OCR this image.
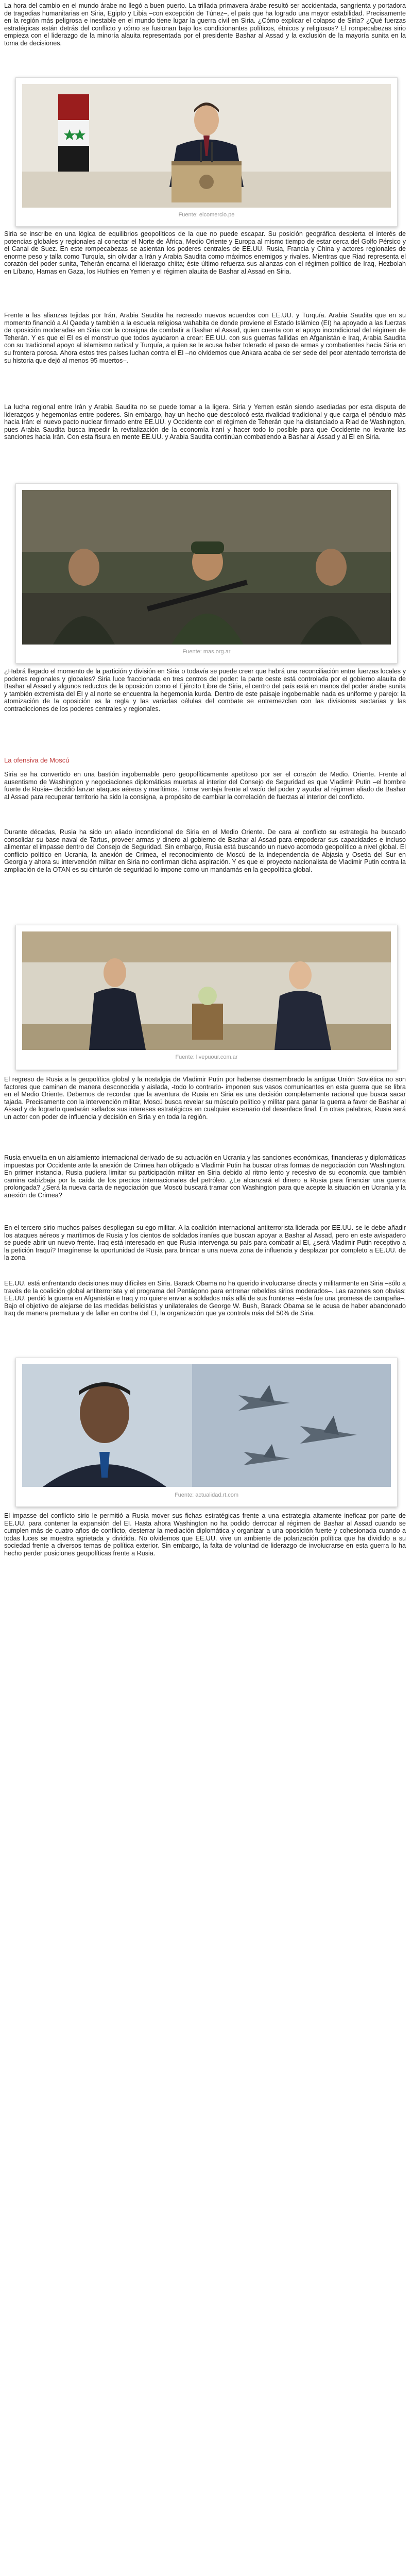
La hora del cambio en el mundo árabe no llegó a buen puerto. La trillada primavera árabe resultó ser accidentada, sangrienta y portadora de tragedias humanitarias en Siria, Egipto y Libia –con excepción de Túnez–, el país que ha logrado una mayor estabilidad. Precisamente en la región más peligrosa e inestable en el mundo tiene lugar la guerra civil en Siria. ¿Cómo explicar el colapso de Siria? ¿Qué fuerzas estratégicas están detrás del conflicto y cómo se fusionan bajo los condicionantes políticos, étnicos y religiosos? El rompecabezas sirio empieza con el liderazgo de la minoría alauita representada por el presidente Bashar al Assad y la exclusión de la mayoría sunita en la toma de decisiones.

Fuente: elcomercio.pe

Siria se inscribe en una lógica de equilibrios geopolíticos de la que no puede escapar. Su posición geográfica despierta el interés de potencias globales y regionales al conectar el Norte de África, Medio Oriente y Europa al mismo tiempo de estar cerca del Golfo Pérsico y el Canal de Suez. En este rompecabezas se asientan los poderes centrales de EE.UU. Rusia, Francia y China y actores regionales de enorme peso y talla como Turquía, sin olvidar a Irán y Arabia Saudita como máximos enemigos y rivales. Mientras que Riad representa el corazón del poder sunita, Teherán encarna el liderazgo chiita; éste último refuerza sus alianzas con el régimen político de Iraq, Hezbolah en Líbano, Hamas en Gaza, los Huthies en Yemen y el régimen alauita de Bashar al Assad en Siria.

Frente a las alianzas tejidas por Irán, Arabia Saudita ha recreado nuevos acuerdos con EE.UU. y Turquía. Arabia Saudita que en su momento financió a Al Qaeda y también a la escuela religiosa wahabita de donde proviene el Estado Islámico (EI) ha apoyado a las fuerzas de oposición moderadas en Siria con la consigna de combatir a Bashar al Assad, quien cuenta con el apoyo incondicional del régimen de Teherán. Y es que el EI es el monstruo que todos ayudaron a crear: EE.UU. con sus guerras fallidas en Afganistán e Iraq, Arabia Saudita con su tradicional apoyo al islamismo radical y Turquía, a quien se le acusa haber tolerado el paso de armas y combatientes hacia Siria en su frontera porosa. Ahora estos tres países luchan contra el EI –no olvidemos que Ankara acaba de ser sede del peor atentado terrorista de su historia que dejó al menos 95 muertos–.

La lucha regional entre Irán y Arabia Saudita no se puede tomar a la ligera. Siria y Yemen están siendo asediadas por esta disputa de liderazgos y hegemonías entre poderes. Sin embargo, hay un hecho que descolocó esta rivalidad tradicional y que carga el péndulo más hacia Irán: el nuevo pacto nuclear firmado entre EE.UU. y Occidente con el régimen de Teherán que ha distanciado a Riad de Washington, pues Arabia Saudita busca impedir la revitalización de la economía iraní y hacer todo lo posible para que Occidente no levante las sanciones hacia Irán. Con esta fisura en mente EE.UU. y Arabia Saudita continúan combatiendo a Bashar al Assad y al EI en Siria.

Fuente: mas.org.ar

¿Habrá llegado el momento de la partición y división en Siria o todavía se puede creer que habrá una reconciliación entre fuerzas locales y poderes regionales y globales? Siria luce fraccionada en tres centros del poder: la parte oeste está controlada por el gobierno alauita de Bashar al Assad y algunos reductos de la oposición como el Ejército Libre de Siria, el centro del país está en manos del poder árabe sunita y también extremista del EI y al norte se encuentra la hegemonía kurda. Dentro de este paisaje ingobernable nada es uniforme y parejo: la atomización de la oposición es la regla y las variadas células del combate se entremezclan con las divisiones sectarias y las contradicciones de los poderes centrales y regionales.

La ofensiva de Moscú

Siria se ha convertido en una bastión ingobernable pero geopolíticamente apetitoso por ser el corazón de Medio. Oriente. Frente al ausentismo de Washington y negociaciones diplomáticas muertas al interior del Consejo de Seguridad es que Vladimir Putin –el hombre fuerte de Rusia– decidió lanzar ataques aéreos y marítimos. Tomar ventaja frente al vacío del poder y ayudar al régimen aliado de Bashar al Assad para recuperar territorio ha sido la consigna, a propósito de cambiar la correlación de fuerzas al interior del conflicto.

Durante décadas, Rusia ha sido un aliado incondicional de Siria en el Medio Oriente. De cara al conflicto su estrategia ha buscado consolidar su base naval de Tartus, proveer armas y dinero al gobierno de Bashar al Assad para empoderar sus capacidades e incluso alimentar el impasse dentro del Consejo de Seguridad. Sin embargo, Rusia está buscando un nuevo acomodo geopolítico a nivel global. El conflicto político en Ucrania, la anexión de Crimea, el reconocimiento de Moscú de la independencia de Abjasia y Osetia del Sur en Georgia y ahora su intervención militar en Siria no confirman dicha aspiración. Y es que el proyecto nacionalista de Vladimir Putin contra la ampliación de la OTAN es su cinturón de seguridad lo impone como un mandamás en la geopolítica global.

Fuente: livepuour.com.ar

El regreso de Rusia a la geopolítica global y la nostalgia de Vladimir Putin por haberse desmembrado la antigua Unión Soviética no son factores que caminan de manera desconocida y aislada, -todo lo contrario- imponen sus vasos comunicantes en esta guerra que se libra en el Medio Oriente. Debemos de recordar que la aventura de Rusia en Siria es una decisión completamente racional que busca sacar tajada. Precisamente con la intervención militar, Moscú busca revelar su músculo político y militar para ganar la guerra a favor de Bashar al Assad y de lograrlo quedarán sellados sus intereses estratégicos en cualquier escenario del desenlace final. En otras palabras, Rusia será un actor con poder de influencia y decisión en Siria y en toda la región.

Rusia envuelta en un aislamiento internacional derivado de su actuación en Ucrania y las sanciones económicas, financieras y diplomáticas impuestas por Occidente ante la anexión de Crimea han obligado a Vladimir Putin ha buscar otras formas de negociación con Washington. En primer instancia, Rusia pudiera limitar su participación militar en Siria debido al ritmo lento y recesivo de su economía que también camina cabizbaja por la caída de los precios internacionales del petróleo. ¿Le alcanzará el dinero a Rusia para financiar una guerra prolongada? ¿Será la nueva carta de negociación que Moscú buscará tramar con Washington para que acepte la situación en Ucrania y la anexión de Crimea?

En el tercero sirio muchos países despliegan su ego militar. A la coalición internacional antiterrorista liderada por EE.UU. se le debe añadir los ataques aéreos y marítimos de Rusia y los cientos de soldados iraníes que buscan apoyar a Bashar al Assad, pero en este avispadero se puede abrir un nuevo frente. Iraq está interesado en que Rusia intervenga su país para combatir al EI, ¿será Vladimir Putin receptivo a la petición Iraquí? Imagínense la oportunidad de Rusia para brincar a una nueva zona de influencia y desplazar por completo a EE.UU. de la zona.

EE.UU. está enfrentando decisiones muy difíciles en Siria. Barack Obama no ha querido involucrarse directa y militarmente en Siria –sólo a través de la coalición global antiterrorista y el programa del Pentágono para entrenar rebeldes sirios moderados–. Las razones son obvias: EE.UU. perdió la guerra en Afganistán e Iraq y no quiere enviar a soldados más allá de sus fronteras –ésta fue una promesa de campaña–. Bajo el objetivo de alejarse de las medidas belicistas y unilaterales de George W. Bush, Barack Obama se le acusa de haber abandonado Iraq de manera prematura y de fallar en contra del EI, la organización que ya controla más del 50% de Siria.

Fuente: actualidad.rt.com

El impasse del conflicto sirio le permitió a Rusia mover sus fichas estratégicas frente a una estrategia altamente ineficaz por parte de EE.UU. para contener la expansión del EI. Hasta ahora Washington no ha podido derrocar al régimen de Bashar al Assad cuando se cumplen más de cuatro años de conflicto, desterrar la mediación diplomática y organizar a una oposición fuerte y cohesionada cuando a todas luces se muestra agrietada y dividida. No olvidemos que EE.UU. vive un ambiente de polarización política que ha dividido a su sociedad frente a diversos temas de política exterior. Sin embargo, la falta de voluntad de liderazgo de involucrarse en esta guerra lo ha hecho perder posiciones geopolíticas frente a Rusia.
